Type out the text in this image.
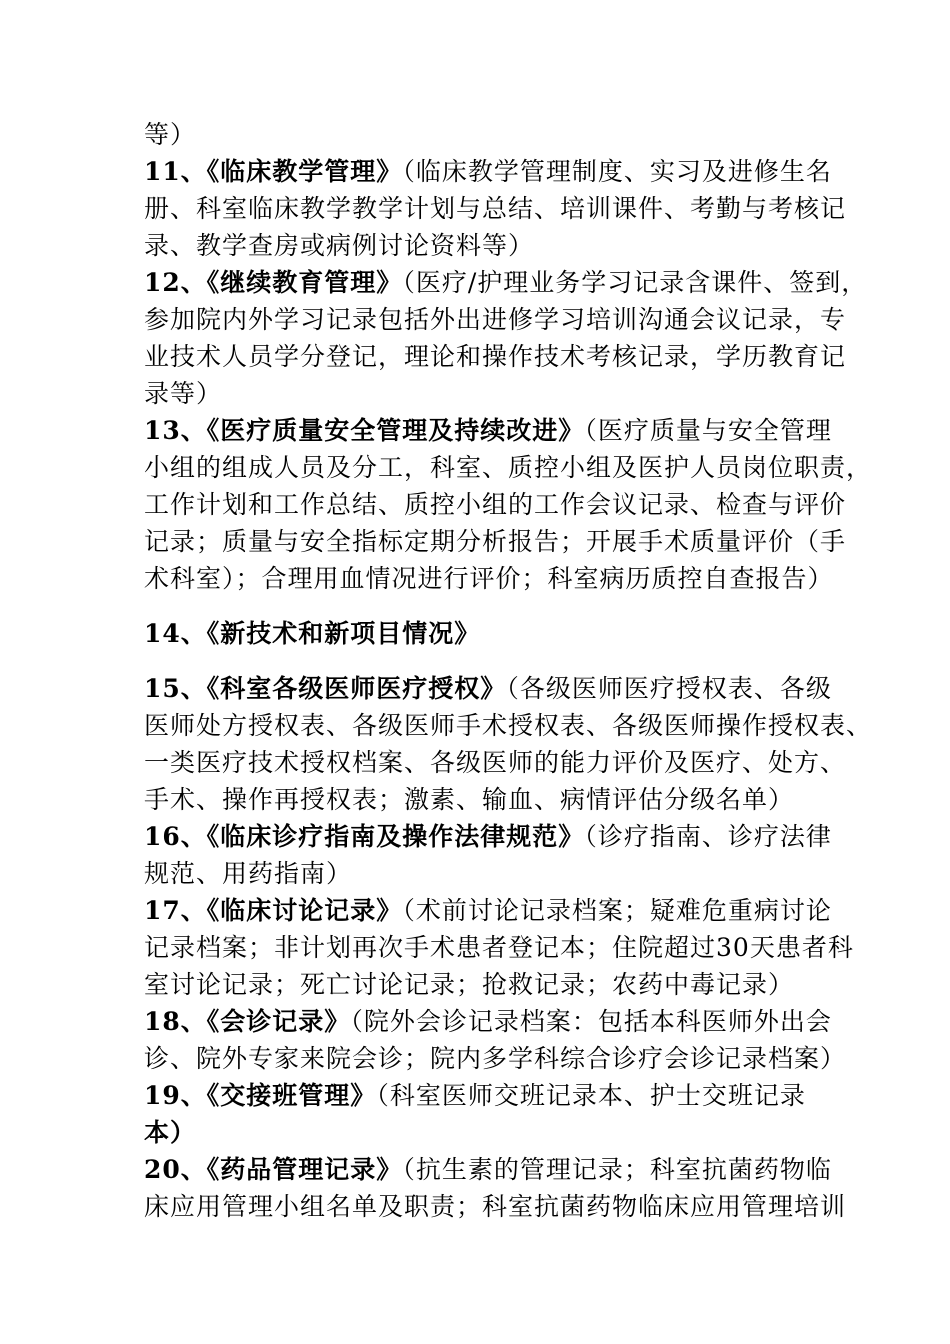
等）
11、《临床教学管理》（临床教学管理制度、实习及进修生名
册、科室临床教学教学计划与总结、培训课件、考勤与考核记
录、教学查房或病例讨论资料等）
12、《继续教育管理》（医疗/护理业务学习记录含课件、签到，
参加院内外学习记录包括外出进修学习培训沟通会议记录，专
业技术人员学分登记，理论和操作技术考核记录，学历教育记
录等）
13、《医疗质量安全管理及持续改进》（医疗质量与安全管理
小组的组成人员及分工，科室、质控小组及医护人员岗位职责，
工作计划和工作总结、质控小组的工作会议记录、检查与评价
记录；质量与安全指标定期分析报告；开展手术质量评价（手
术科室）；合理用血情况进行评价；科室病历质控自查报告）
14、《新技术和新项目情况》
15、《科室各级医师医疗授权》（各级医师医疗授权表、各级
医师处方授权表、各级医师手术授权表、各级医师操作授权表、
一类医疗技术授权档案、各级医师的能力评价及医疗、处方、
手术、操作再授权表；激素、输血、病情评估分级名单）
16、《临床诊疗指南及操作法律规范》（诊疗指南、诊疗法律
规范、用药指南）
17、《临床讨论记录》（术前讨论记录档案；疑难危重病讨论
记录档案；非计划再次手术患者登记本；住院超过30天患者科
室讨论记录；死亡讨论记录；抢救记录；农药中毒记录）
18、《会诊记录》（院外会诊记录档案：包括本科医师外出会
诊、院外专家来院会诊；院内多学科综合诊疗会诊记录档案）
19、《交接班管理》（科室医师交班记录本、护士交班记录
本）
20、《药品管理记录》（抗生素的管理记录；科室抗菌药物临
床应用管理小组名单及职责；科室抗菌药物临床应用管理培训
